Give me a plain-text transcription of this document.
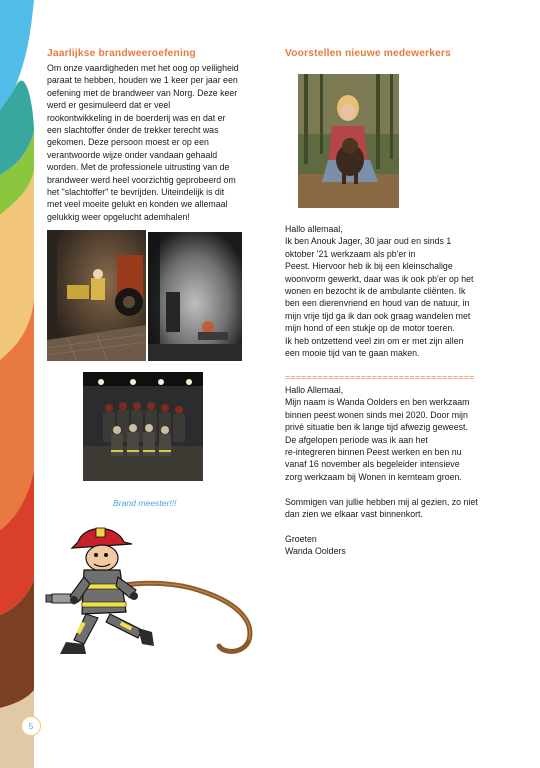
Jaarlijkse brandweeroefening
Om onze vaardigheden met het oog op veiligheid
paraat te hebben, houden we 1 keer per jaar een
oefening met de brandweer van Norg. Deze keer
werd er gesimuleerd dat er veel
rookontwikkeling in de boerderij was en dat er
een slachtoffer ónder de trekker terecht was
gekomen. Deze persoon moest er op een
verantwoorde wijze onder vandaan gehaald
worden. Met de professionele uitrusting van de
brandweer werd heel voorzichtig geprobeerd om
het "slachtoffer" te bevrijden. Uiteindelijk is dit
met veel moeite gelukt en konden we allemaal
gelukkig weer opgelucht ademhalen!
Brand meester!!!
Voorstellen nieuwe medewerkers
Hallo allemaal,
Ik ben Anouk Jager, 30 jaar oud en sinds 1
oktober '21 werkzaam als pb'er in
Peest. Hiervoor heb ik bij een kleinschalige
woonvorm gewerkt, daar was ik ook pb'er op het
wonen en bezocht ik de ambulante cliënten. Ik
ben een dierenvriend en houd van de natuur, in
mijn vrije tijd ga ik dan ook graag wandelen met
mijn hond of een stukje op de motor toeren.
Ik heb ontzettend veel zin om er met zijn allen
een mooie tijd van te gaan maken.
===================================
Hallo Allemaal,
Mijn naam is Wanda Oolders en ben werkzaam
binnen peest wonen sinds mei 2020. Door mijn
privé situatie ben ik lange tijd afwezig geweest.
De afgelopen periode was ik aan het
re-integreren binnen Peest werken en ben nu
vanaf 16 november als begeleider intensieve
zorg werkzaam bij Wonen in kernteam groen.
Sommigen van jullie hebben mij al gezien, zo niet
dan zien we elkaar vast binnenkort.
Groeten
Wanda Oolders
5
